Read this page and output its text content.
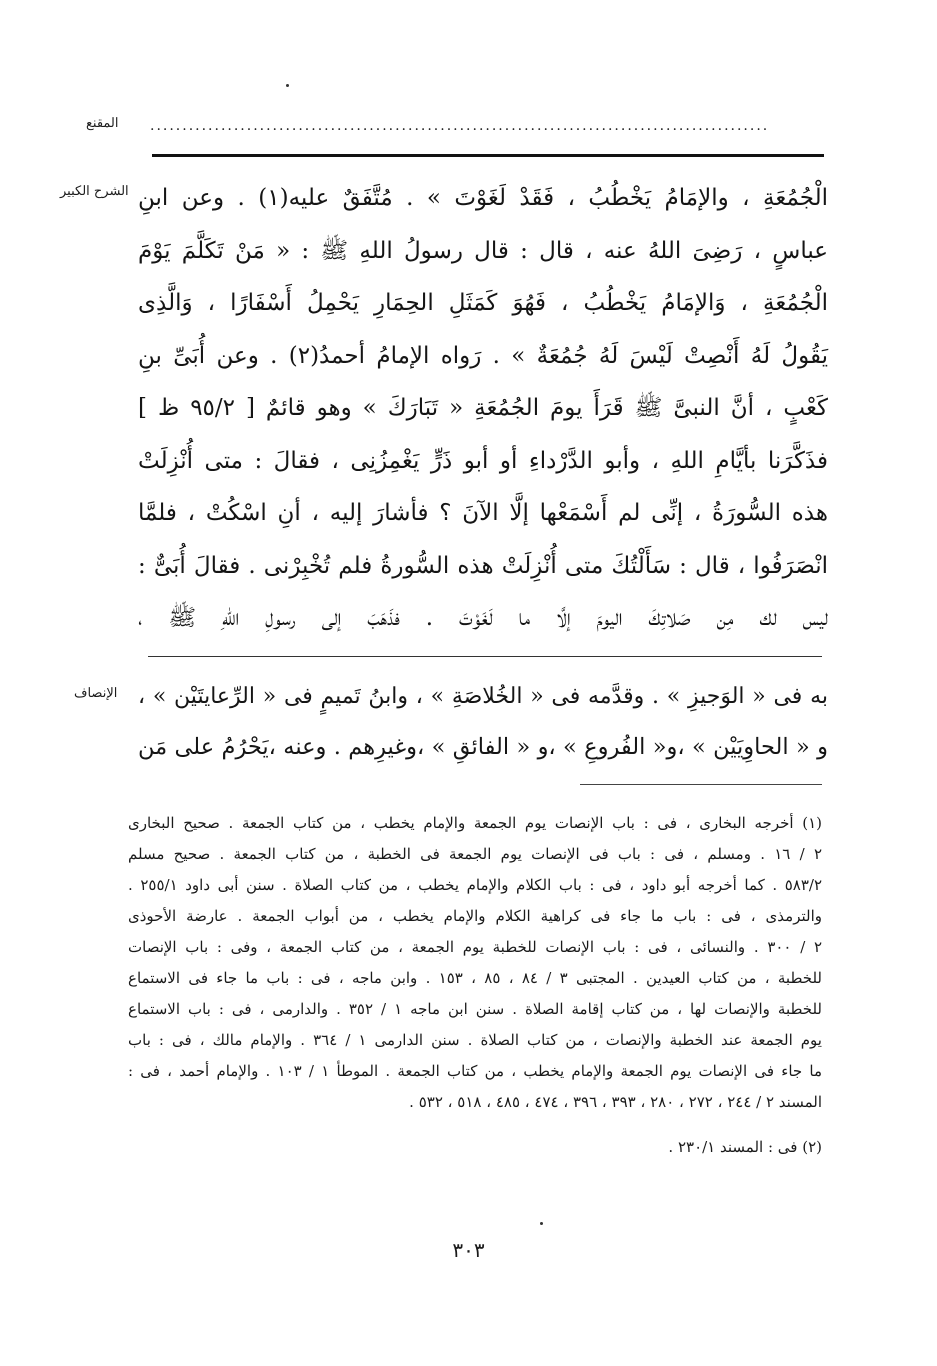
المقنع ................................................................................................
الشرح الكبير الْجُمُعَةِ ، والإمَامُ يَخْطُبُ ، فَقَدْ لَغَوْتَ » . مُتَّفَقٌ عليه(١) . وعن ابنِ
عباسٍ ، رَضِىَ اللهُ عنه ، قال : قال رسولُ اللهِ ﷺ : « مَنْ تَكَلَّمَ يَوْمَ
الْجُمُعَةِ ، وَالإمَامُ يَخْطُبُ ، فَهُوَ كَمَثَلِ الحِمَارِ يَحْمِلُ أَسْفَارًا ، وَالَّذِى
يَقُولُ لَهُ أَنْصِتْ لَيْسَ لَهُ جُمُعَةٌ » . رَواه الإمامُ أحمدُ(٢) . وعن أُبَىِّ بنِ
كَعْبٍ ، أنَّ النبىَّ ﷺ قَرَأَ يومَ الجُمُعَةِ « تَبَارَكَ » وهو قائمٌ [ ٩٥/٢ ظ ]
فذَكَّرَنا بأيَّامِ اللهِ ، وأبو الدَّرْداءِ أو أبو ذَرٍّ يَغْمِزُنِى ، فقالَ : متى أُنْزِلَتْ
هذه السُّورَةُ ، إنِّى لم أَسْمَعْها إلَّا الآنَ ؟ فأشارَ إليه ، أنِ اسْكُتْ ، فلمَّا
انْصَرَفُوا ، قال : سَأَلْتُكَ متى أُنْزِلَتْ هذه السُّورةُ فلم تُخْبِرْنى . فقالَ أُبَىٌّ :
ليس لك مِن صَلاتِكَ اليومَ إلَّا ما لَغَوْتَ . فذَهَبَ إلى رسولِ اللهِ ﷺ ،
الإنصاف به فى « الوَجيزِ » . وقدَّمه فى « الخُلاصَةِ » ، وابنُ تَميمٍ فى « الرِّعايتَيْن » ،
و « الحاوِيَيْن » ،و« الفُروعِ » ،و « الفائقِ » ،وغيرِهم . وعنه ،يَحْرُمُ على مَن
(١) أخرجه البخارى ، فى : باب الإنصات يوم الجمعة والإمام يخطب ، من كتاب الجمعة . صحيح البخارى
٢ / ١٦ . ومسلم ، فى : باب فى الإنصات يوم الجمعة فى الخطبة ، من كتاب الجمعة . صحيح مسلم
٥٨٣/٢ . كما أخرجه أبو داود ، فى : باب الكلام والإمام يخطب ، من كتاب الصلاة . سنن أبى داود ٢٥٥/١ .
والترمذى ، فى : باب ما جاء فى كراهية الكلام والإمام يخطب ، من أبواب الجمعة . عارضة الأحوذى
٢ / ٣٠٠ . والنسائى ، فى : باب الإنصات للخطبة يوم الجمعة ، من كتاب الجمعة ، وفى : باب الإنصات
للخطبة ، من كتاب العيدين . المجتبى ٣ / ٨٤ ، ٨٥ ، ١٥٣ . وابن ماجه ، فى : باب ما جاء فى الاستماع
للخطبة والإنصات لها ، من كتاب إقامة الصلاة . سنن ابن ماجه ١ / ٣٥٢ . والدارمى ، فى : باب الاستماع
يوم الجمعة عند الخطبة والإنصات ، من كتاب الصلاة . سنن الدارمى ١ / ٣٦٤ . والإمام مالك ، فى : باب
ما جاء فى الإنصات يوم الجمعة والإمام يخطب ، من كتاب الجمعة . الموطأ ١ / ١٠٣ . والإمام أحمد ، فى :
المسند ٢ / ٢٤٤ ، ٢٧٢ ، ٢٨٠ ، ٣٩٣ ، ٣٩٦ ، ٤٧٤ ، ٤٨٥ ، ٥١٨ ، ٥٣٢ .
(٢) فى : المسند ٢٣٠/١ .
٣٠٣
